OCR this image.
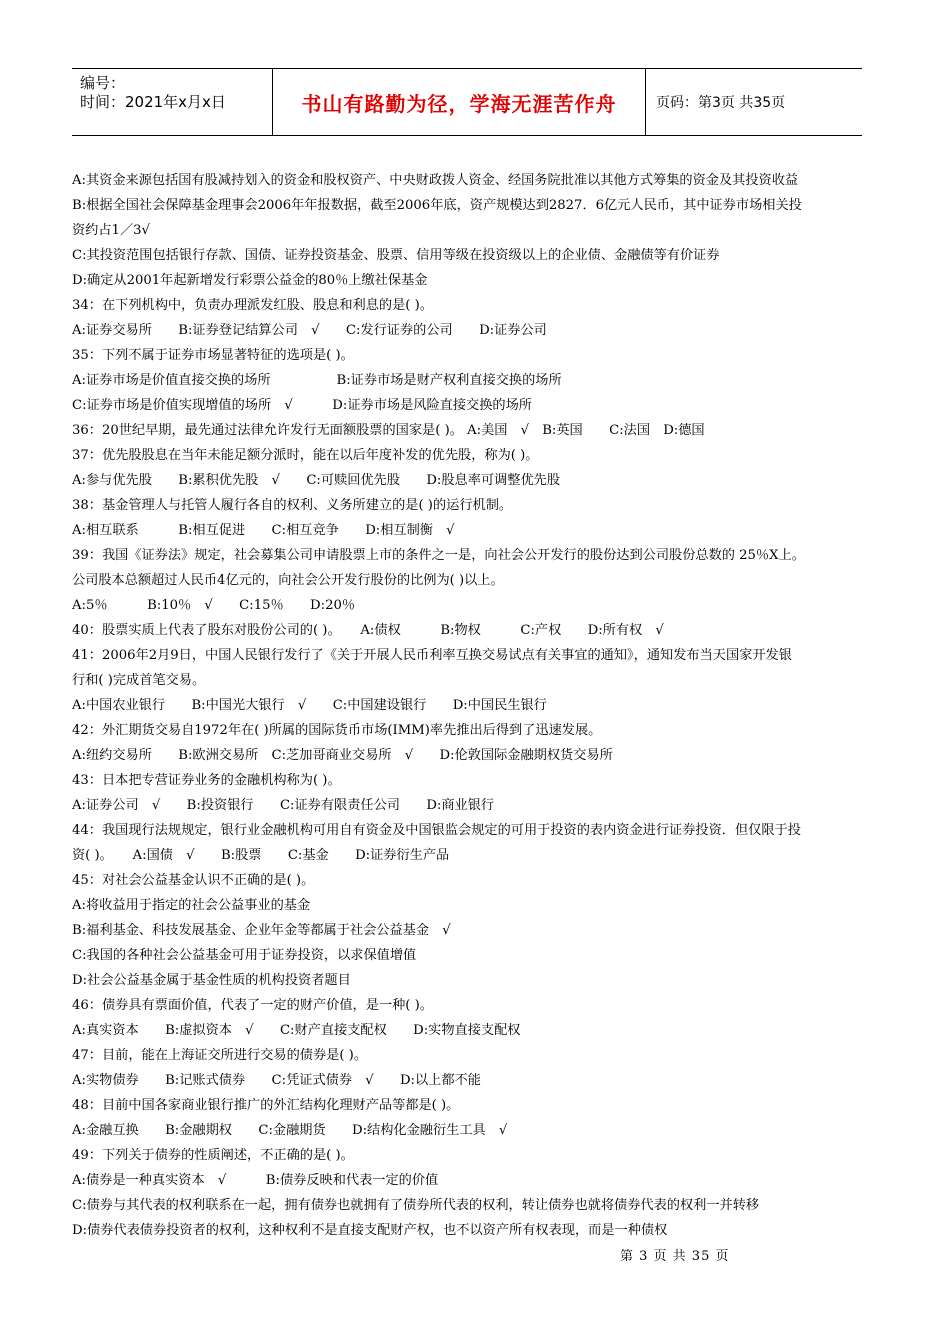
编号：
时间：2021年x月x日	书山有路勤为径，学海无涯苦作舟	页码：第3页 共35页
A:其资金来源包括国有股减持划入的资金和股权资产、中央财政拨人资金、经国务院批准以其他方式筹集的资金及其投资收益
B:根据全国社会保障基金理事会2006年年报数据，截至2006年底，资产规模达到2827．6亿元人民币，其中证券市场相关投
资约占1／3√
C:其投资范围包括银行存款、国债、证券投资基金、股票、信用等级在投资级以上的企业债、金融债等有价证券
D:确定从2001年起新增发行彩票公益金的80％上缴社保基金
34：在下列机构中，负责办理派发红股、股息和利息的是( )。
A:证券交易所　　B:证券登记结算公司　√　　C:发行证券的公司　　D:证券公司
35：下列不属于证券市场显著特征的选项是( )。
A:证券市场是价值直接交换的场所　　　　　B:证券市场是财产权利直接交换的场所
C:证券市场是价值实现增值的场所　√　　　D:证券市场是风险直接交换的场所
36：20世纪早期，最先通过法律允许发行无面额股票的国家是( )。 A:美国　√　B:英国　　C:法国　D:德国
37：优先股股息在当年未能足额分派时，能在以后年度补发的优先股，称为( )。
A:参与优先股　　B:累积优先股　√　　C:可赎回优先股　　D:股息率可调整优先股
38：基金管理人与托管人履行各自的权利、义务所建立的是( )的运行机制。
A:相互联系　　　B:相互促进　　C:相互竞争　　D:相互制衡　√
39：我国《证券法》规定，社会募集公司申请股票上市的条件之一是，向社会公开发行的股份达到公司股份总数的 25％X上。
公司股本总额超过人民币4亿元的，向社会公开发行股份的比例为( )以上。
A:5％　　　B:10％　√　　C:15％　　D:20％
40：股票实质上代表了股东对股份公司的( )。　　A:债权　　　B:物权　　　C:产权　　D:所有权　√
41：2006年2月9日，中国人民银行发行了《关于开展人民币利率互换交易试点有关事宜的通知》，通知发布当天国家开发银
行和( )完成首笔交易。
A:中国农业银行　　B:中国光大银行　√　　C:中国建设银行　　D:中国民生银行
42：外汇期货交易自1972年在( )所属的国际货币市场(IMM)率先推出后得到了迅速发展。
A:纽约交易所　　B:欧洲交易所　C:芝加哥商业交易所　√　　D:伦敦国际金融期权货交易所
43：日本把专营证券业务的金融机构称为( )。
A:证券公司　√　　B:投资银行　　C:证券有限责任公司　　D:商业银行
44：我国现行法规规定，银行业金融机构可用自有资金及中国银监会规定的可用于投资的表内资金进行证券投资．但仅限于投
资( )。　　A:国债　√　　B:股票　　C:基金　　D:证券衍生产品
45：对社会公益基金认识不正确的是( )。
A:将收益用于指定的社会公益事业的基金
B:福利基金、科技发展基金、企业年金等都属于社会公益基金　√
C:我国的各种社会公益基金可用于证券投资，以求保值增值
D:社会公益基金属于基金性质的机构投资者题目
46：债券具有票面价值，代表了一定的财产价值，是一种( )。
A:真实资本　　B:虚拟资本　√　　C:财产直接支配权　　D:实物直接支配权
47：目前，能在上海证交所进行交易的债券是( )。
A:实物债券　　B:记账式债券　　C:凭证式债券　√　　D:以上都不能
48：目前中国各家商业银行推广的外汇结构化理财产品等都是( )。
A:金融互换　　B:金融期权　　C:金融期货　　D:结构化金融衍生工具　√
49：下列关于债券的性质阐述，不正确的是( )。
A:债券是一种真实资本　√　　　B:债券反映和代表一定的价值
C:债券与其代表的权利联系在一起，拥有债券也就拥有了债券所代表的权利，转让债券也就将债券代表的权利一并转移
D:债券代表债券投资者的权利，这种权利不是直接支配财产权，也不以资产所有权表现，而是一种债权
第 3 页 共 35 页
